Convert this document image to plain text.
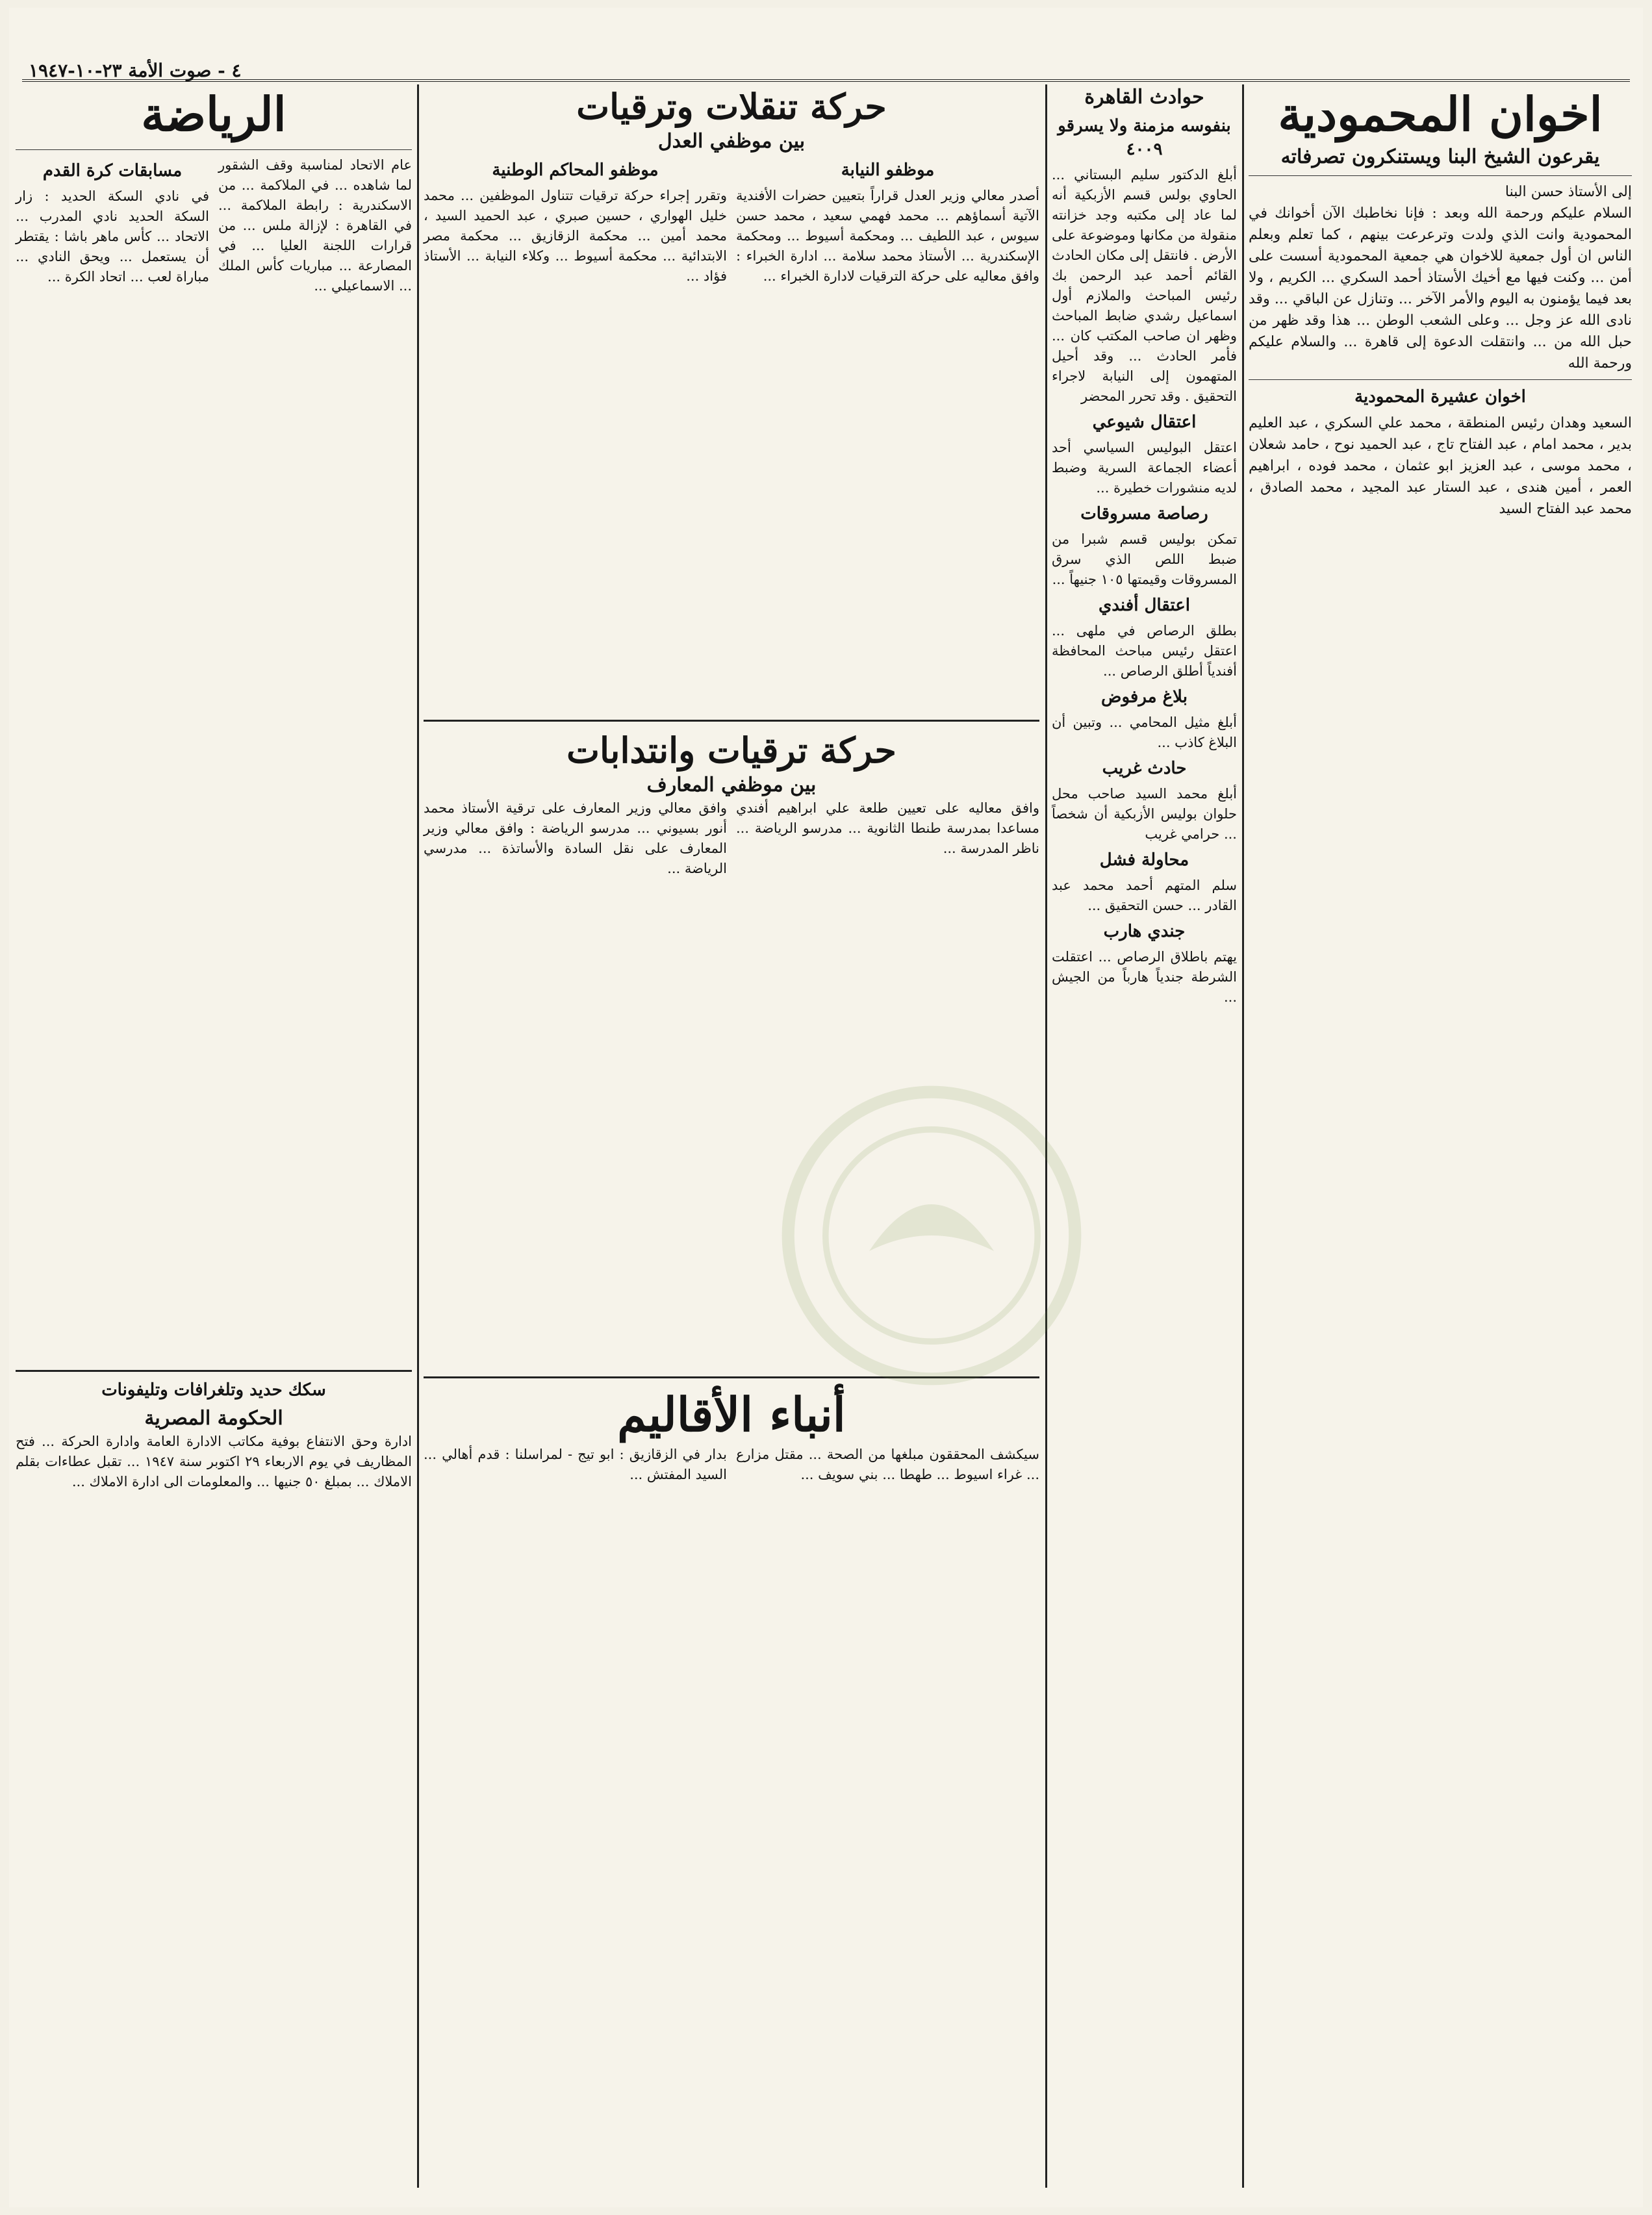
٤ - صوت الأمة ٢٣-١٠-١٩٤٧
اخوان المحمودية
يقرعون الشيخ البنا ويستنكرون تصرفاته
إلى الأستاذ حسن البنا
السلام عليكم ورحمة الله وبعد : فإنا نخاطبك الآن أخوانك في المحمودية وانت الذي ولدت وترعرعت بينهم ، كما تعلم وبعلم الناس ان أول جمعية للاخوان هي جمعية المحمودية أسست على أمن ... وكنت فيها مع أخيك الأستاذ أحمد السكري ... الكريم ، ولا بعد فيما يؤمنون به اليوم والأمر الآخر ... وتنازل عن الباقي ... وقد نادى الله عز وجل ... وعلى الشعب الوطن ... هذا وقد ظهر من حبل الله من ... وانتقلت الدعوة إلى قاهرة ... والسلام عليكم ورحمة الله
اخوان عشيرة المحمودية
السعيد وهدان رئيس المنطقة ، محمد علي السكري ، عبد العليم بدير ، محمد امام ، عبد الفتاح تاج ، عبد الحميد نوح ، حامد شعلان ، محمد موسى ، عبد العزيز ابو عثمان ، محمد فوده ، ابراهيم العمر ، أمين هندى ، عبد الستار عبد المجيد ، محمد الصادق ، محمد عبد الفتاح السيد
حوادث القاهرة
بنفوسه مزمنة ولا يسرقو ٤٠٠٩
أبلغ الدكتور سليم البستاني ... الحاوي بولس قسم الأزبكية أنه لما عاد إلى مكتبه وجد خزانته منقولة من مكانها وموضوعة على الأرض . فانتقل إلى مكان الحادث القائم أحمد عبد الرحمن بك رئيس المباحث والملازم أول اسماعيل رشدي ضابط المباحث وظهر ان صاحب المكتب كان ... فأمر الحادث ... وقد أحيل المتهمون إلى النيابة لاجراء التحقيق . وقد تحرر المحضر
اعتقال شيوعي
اعتقل البوليس السياسي أحد أعضاء الجماعة السرية وضبط لديه منشورات خطيرة ...
رصاصة مسروقات
تمكن بوليس قسم شبرا من ضبط اللص الذي سرق المسروقات وقيمتها ١٠٥ جنيهاً ...
اعتقال أفندي
بطلق الرصاص في ملهى ... اعتقل رئيس مباحث المحافظة أفندياً أطلق الرصاص ...
بلاغ مرفوض
أبلغ مثيل المحامي ... وتبين أن البلاغ كاذب ...
حادث غريب
أبلغ محمد السيد صاحب محل حلوان بوليس الأزبكية أن شخصاً ... حرامي غريب
محاولة فشل
سلم المتهم أحمد محمد عبد القادر ... حسن التحقيق ...
جندي هارب
يهتم باطلاق الرصاص ... اعتقلت الشرطة جندياً هارباً من الجيش ...
حركة تنقلات وترقيات
بين موظفي العدل
موظفو النيابة
أصدر معالي وزير العدل قراراً بتعيين حضرات الأفندية الآتية أسماؤهم ... محمد فهمي سعيد ، محمد حسن سيوس ، عبد اللطيف ... ومحكمة أسيوط ... ومحكمة الإسكندرية ... الأستاذ محمد سلامة ... ادارة الخبراء : وافق معاليه على حركة الترقيات لادارة الخبراء ...
موظفو المحاكم الوطنية
وتقرر إجراء حركة ترقيات تتناول الموظفين ... محمد خليل الهواري ، حسين صبري ، عبد الحميد السيد ، محمد أمين ... محكمة الزقازيق ... محكمة مصر الابتدائية ... محكمة أسيوط ... وكلاء النيابة ... الأستاذ فؤاد ...
حركة ترقيات وانتدابات
بين موظفي المعارف
وافق معاليه على تعيين طلعة علي ابراهيم أفندي مساعدا بمدرسة طنطا الثانوية ... مدرسو الرياضة ... ناظر المدرسة ...
وافق معالي وزير المعارف على ترقية الأستاذ محمد أنور بسيوني ... مدرسو الرياضة : وافق معالي وزير المعارف على نقل السادة والأساتذة ... مدرسي الرياضة ...
أنباء الأقاليم
سيكشف المحققون مبلغها من الصحة ... مقتل مزارع ... غراء اسيوط ... طهطا ... بني سويف ...
بدار في الزقازيق : ابو تيج - لمراسلنا : قدم أهالي ... السيد المفتش ...
الرياضة
عام الاتحاد لمناسبة وقف الشقور لما شاهده ... في الملاكمة ... من الاسكندرية : رابطة الملاكمة ... في القاهرة : لإزالة ملس ... من قرارات اللجنة العليا ... في المصارعة ... مباريات كأس الملك ... الاسماعيلي ...
مسابقات كرة القدم
في نادي السكة الحديد : زار السكة الحديد نادي المدرب ... الاتحاد ... كأس ماهر باشا : يقتطر أن يستعمل ... ويحق النادي ... مباراة لعب ... اتحاد الكرة ...
سكك حديد وتلغرافات وتليفونات
الحكومة المصرية
ادارة وحق الانتفاع بوفية مكاتب الادارة العامة وادارة الحركة ... فتح المظاريف في يوم الاربعاء ٢٩ اكتوبر سنة ١٩٤٧ ... تقبل عطاءات بقلم الاملاك ... بمبلغ ٥٠ جنيها ... والمعلومات الى ادارة الاملاك ...
